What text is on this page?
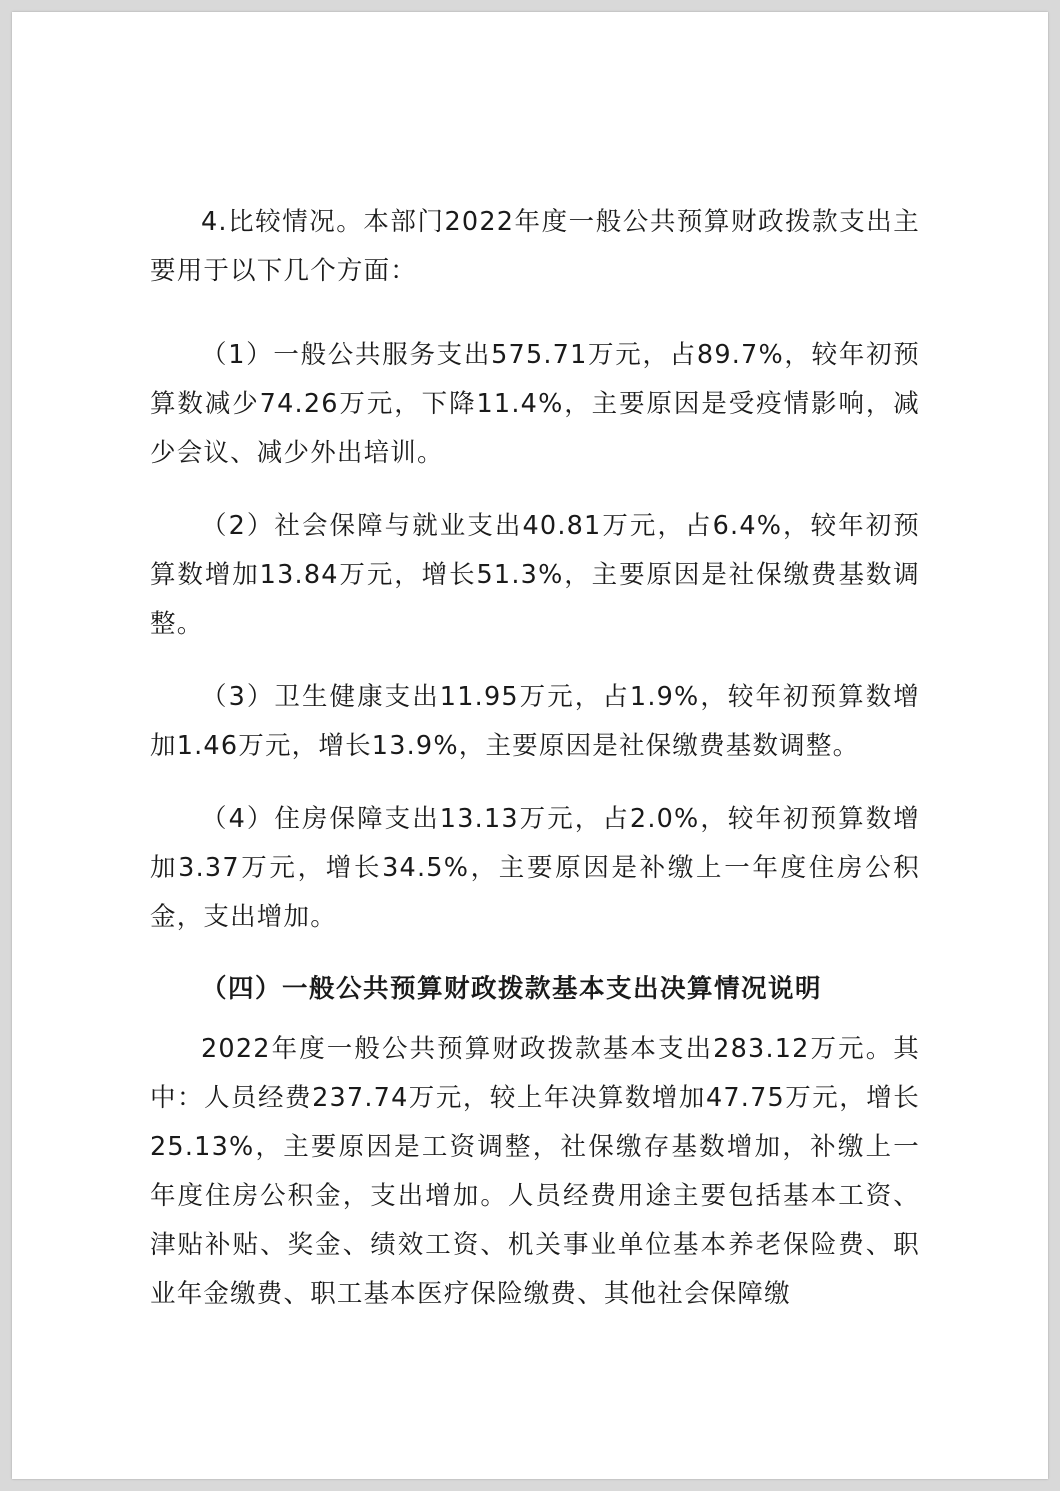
4.比较情况。本部门2022年度一般公共预算财政拨款支出主要用于以下几个方面：

（1）一般公共服务支出575.71万元，占89.7%，较年初预算数减少74.26万元，下降11.4%，主要原因是受疫情影响，减少会议、减少外出培训。

（2）社会保障与就业支出40.81万元，占6.4%，较年初预算数增加13.84万元，增长51.3%，主要原因是社保缴费基数调整。

（3）卫生健康支出11.95万元，占1.9%，较年初预算数增加1.46万元，增长13.9%，主要原因是社保缴费基数调整。

（4）住房保障支出13.13万元，占2.0%，较年初预算数增加3.37万元，增长34.5%，主要原因是补缴上一年度住房公积金，支出增加。

（四）一般公共预算财政拨款基本支出决算情况说明

2022年度一般公共预算财政拨款基本支出283.12万元。其中：人员经费237.74万元，较上年决算数增加47.75万元，增长25.13%，主要原因是工资调整，社保缴存基数增加，补缴上一年度住房公积金，支出增加。人员经费用途主要包括基本工资、津贴补贴、奖金、绩效工资、机关事业单位基本养老保险费、职业年金缴费、职工基本医疗保险缴费、其他社会保障缴
